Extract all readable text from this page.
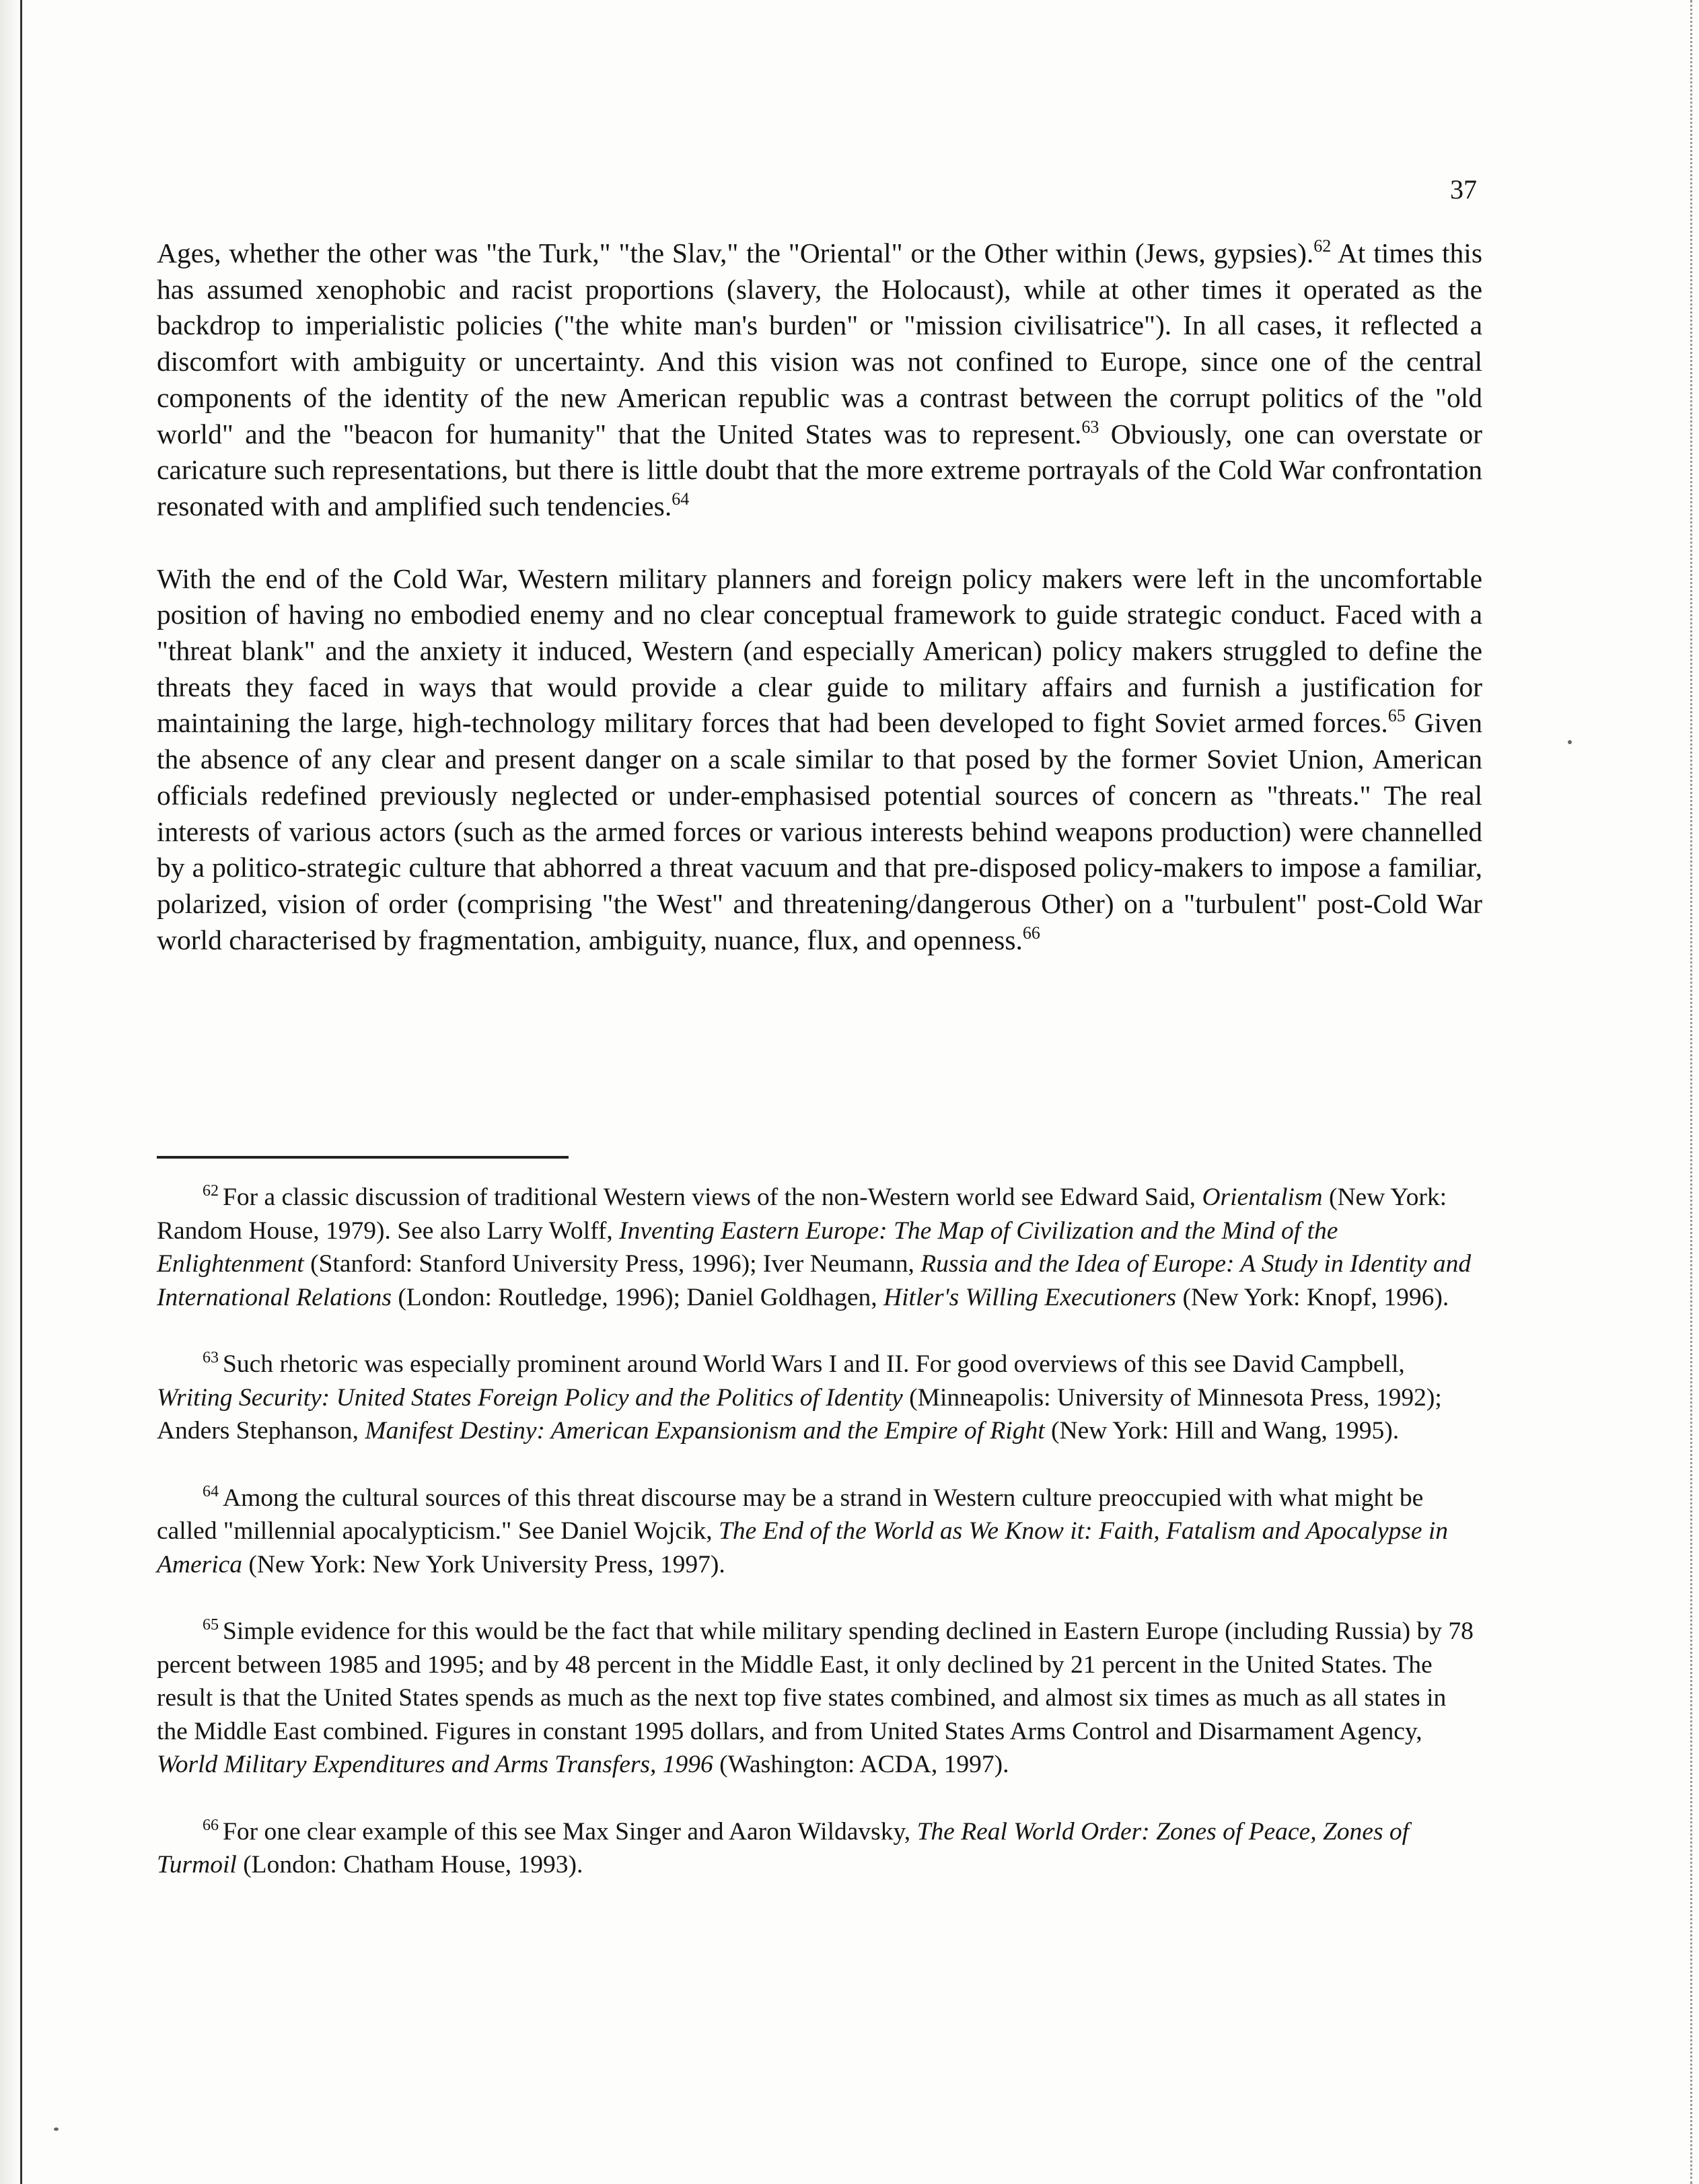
37

Ages, whether the other was "the Turk," "the Slav," the "Oriental" or the Other within (Jews, gypsies).$^{62}$ At times this has assumed xenophobic and racist proportions (slavery, the Holocaust), while at other times it operated as the backdrop to imperialistic policies ("the white man's burden" or "mission civilisatrice"). In all cases, it reflected a discomfort with ambiguity or uncertainty. And this vision was not confined to Europe, since one of the central components of the identity of the new American republic was a contrast between the corrupt politics of the "old world" and the "beacon for humanity" that the United States was to represent.$^{63}$ Obviously, one can overstate or caricature such representations, but there is little doubt that the more extreme portrayals of the Cold War confrontation resonated with and amplified such tendencies.$^{64}$

With the end of the Cold War, Western military planners and foreign policy makers were left in the uncomfortable position of having no embodied enemy and no clear conceptual framework to guide strategic conduct. Faced with a "threat blank" and the anxiety it induced, Western (and especially American) policy makers struggled to define the threats they faced in ways that would provide a clear guide to military affairs and furnish a justification for maintaining the large, high-technology military forces that had been developed to fight Soviet armed forces.$^{65}$ Given the absence of any clear and present danger on a scale similar to that posed by the former Soviet Union, American officials redefined previously neglected or under-emphasised potential sources of concern as "threats." The real interests of various actors (such as the armed forces or various interests behind weapons production) were channelled by a politico-strategic culture that abhorred a threat vacuum and that pre-disposed policy-makers to impose a familiar, polarized, vision of order (comprising "the West" and threatening/dangerous Other) on a "turbulent" post-Cold War world characterised by fragmentation, ambiguity, nuance, flux, and openness.$^{66}$

$^{62}$ For a classic discussion of traditional Western views of the non-Western world see Edward Said, Orientalism (New York: Random House, 1979). See also Larry Wolff, Inventing Eastern Europe: The Map of Civilization and the Mind of the Enlightenment (Stanford: Stanford University Press, 1996); Iver Neumann, Russia and the Idea of Europe: A Study in Identity and International Relations (London: Routledge, 1996); Daniel Goldhagen, Hitler's Willing Executioners (New York: Knopf, 1996).

$^{63}$ Such rhetoric was especially prominent around World Wars I and II. For good overviews of this see David Campbell, Writing Security: United States Foreign Policy and the Politics of Identity (Minneapolis: University of Minnesota Press, 1992); Anders Stephanson, Manifest Destiny: American Expansionism and the Empire of Right (New York: Hill and Wang, 1995).

$^{64}$ Among the cultural sources of this threat discourse may be a strand in Western culture preoccupied with what might be called "millennial apocalypticism." See Daniel Wojcik, The End of the World as We Know it: Faith, Fatalism and Apocalypse in America (New York: New York University Press, 1997).

$^{65}$ Simple evidence for this would be the fact that while military spending declined in Eastern Europe (including Russia) by 78 percent between 1985 and 1995; and by 48 percent in the Middle East, it only declined by 21 percent in the United States. The result is that the United States spends as much as the next top five states combined, and almost six times as much as all states in the Middle East combined. Figures in constant 1995 dollars, and from United States Arms Control and Disarmament Agency, World Military Expenditures and Arms Transfers, 1996 (Washington: ACDA, 1997).

$^{66}$ For one clear example of this see Max Singer and Aaron Wildavsky, The Real World Order: Zones of Peace, Zones of Turmoil (London: Chatham House, 1993).
